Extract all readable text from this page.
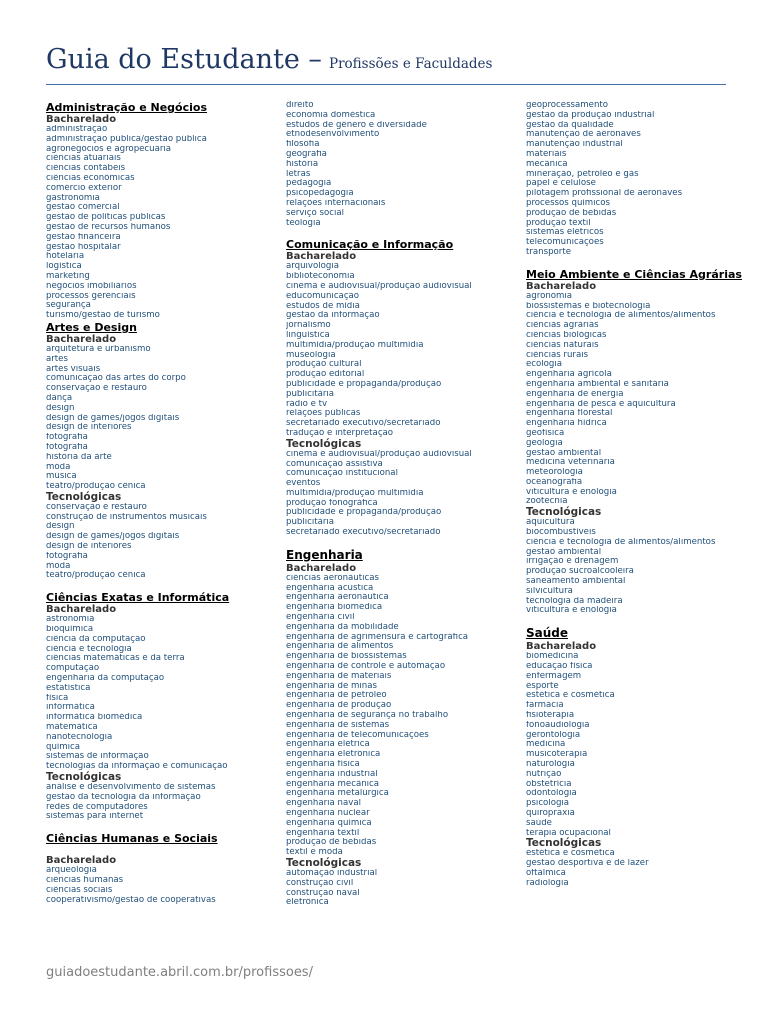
Guia do Estudante – Profissões e Faculdades
Administração e Negócios
Bacharelado
administração
administração pública/gestão pública
agronegócios e agropecuária
ciências atuariais
ciências contábeis
ciências econômicas
comércio exterior
gastronomia
gestão comercial
gestão de políticas públicas
gestão de recursos humanos
gestão financeira
gestão hospitalar
hotelaria
logística
marketing
negócios imobiliários
processos gerenciais
segurança
turismo/gestão de turismo
Artes e Design
Bacharelado
arquitetura e urbanismo
artes
artes visuais
comunicação das artes do corpo
conservação e restauro
dança
design
design de games/jogos digitais
design de interiores
fotografia
fotografia
história da arte
moda
música
teatro/produção cênica
Tecnológicas
conservação e restauro
construção de instrumentos musicais
design
design de games/jogos digitais
design de interiores
fotografia
moda
teatro/produção cênica
Ciências Exatas e Informática
Bacharelado
astronomia
bioquímica
ciência da computação
ciência e tecnologia
ciências matemáticas e da terra
computação
engenharia da computação
estatística
física
informática
informática biomédica
matemática
nanotecnologia
química
sistemas de informação
tecnologias da informação e comunicação
Tecnológicas
análise e desenvolvimento de sistemas
gestão da tecnologia da informação
redes de computadores
sistemas para internet
Ciências Humanas e Sociais
Bacharelado
arqueologia
ciências humanas
ciências sociais
cooperativismo/gestão de cooperativas
direito
economia doméstica
estudos de gênero e diversidade
etnodesenvolvimento
filosofia
geografia
história
letras
pedagogia
psicopedagogia
relações internacionais
serviço social
teologia
Comunicação e Informação
Bacharelado
arquivologia
biblioteconomia
cinema e audiovisual/produção audiovisual
educomunicação
estudos de mídia
gestão da informação
jornalismo
linguística
multimídia/produção multimídia
museologia
produção cultural
produção editorial
publicidade e propaganda/produção
publicitária
rádio e tv
relações públicas
secretariado executivo/secretariado
tradução e interpretação
Tecnológicas
cinema e audiovisual/produção audiovisual
comunicação assistiva
comunicação institucional
eventos
multimídia/produção multimídia
produção fonográfica
publicidade e propaganda/produção
publicitária
secretariado executivo/secretariado
Engenharia
Bacharelado
ciências aeronáuticas
engenharia acústica
engenharia aeronáutica
engenharia biomédica
engenharia civil
engenharia da mobilidade
engenharia de agrimensura e cartográfica
engenharia de alimentos
engenharia de biossistemas
engenharia de controle e automação
engenharia de materiais
engenharia de minas
engenharia de petróleo
engenharia de produção
engenharia de segurança no trabalho
engenharia de sistemas
engenharia de telecomunicações
engenharia elétrica
engenharia eletrônica
engenharia física
engenharia industrial
engenharia mecânica
engenharia metalúrgica
engenharia naval
engenharia nuclear
engenharia química
engenharia têxtil
produção de bebidas
têxtil e moda
Tecnológicas
automação industrial
construção civil
construção naval
eletrônica
geoprocessamento
gestão da produção industrial
gestão da qualidade
manutenção de aeronaves
manutenção industrial
materiais
mecânica
mineração, petróleo e gás
papel e celulose
pilotagem profissional de aeronaves
processos químicos
produção de bebidas
produção têxtil
sistemas elétricos
telecomunicações
transporte
Meio Ambiente e Ciências Agrárias
Bacharelado
agronomia
biossistemas e biotecnologia
ciência e tecnologia de alimentos/alimentos
ciências agrárias
ciências biológicas
ciências naturais
ciências rurais
ecologia
engenharia agrícola
engenharia ambiental e sanitária
engenharia de energia
engenharia de pesca e aquicultura
engenharia florestal
engenharia hídrica
geofísica
geologia
gestão ambiental
medicina veterinária
meteorologia
oceanografia
viticultura e enologia
zootecnia
Tecnológicas
aquicultura
biocombustíveis
ciência e tecnologia de alimentos/alimentos
gestão ambiental
irrigação e drenagem
produção sucroalcooleira
saneamento ambiental
silvicultura
tecnologia da madeira
viticultura e enologia
Saúde
Bacharelado
biomedicina
educação física
enfermagem
esporte
estética e cosmética
farmácia
fisioterapia
fonoaudiologia
gerontologia
medicina
musicoterapia
naturologia
nutrição
obstetrícia
odontologia
psicologia
quiropraxia
saúde
terapia ocupacional
Tecnológicas
estética e cosmética
gestão desportiva e de lazer
oftálmica
radiologia
guiadoestudante.abril.com.br/profissoes/
